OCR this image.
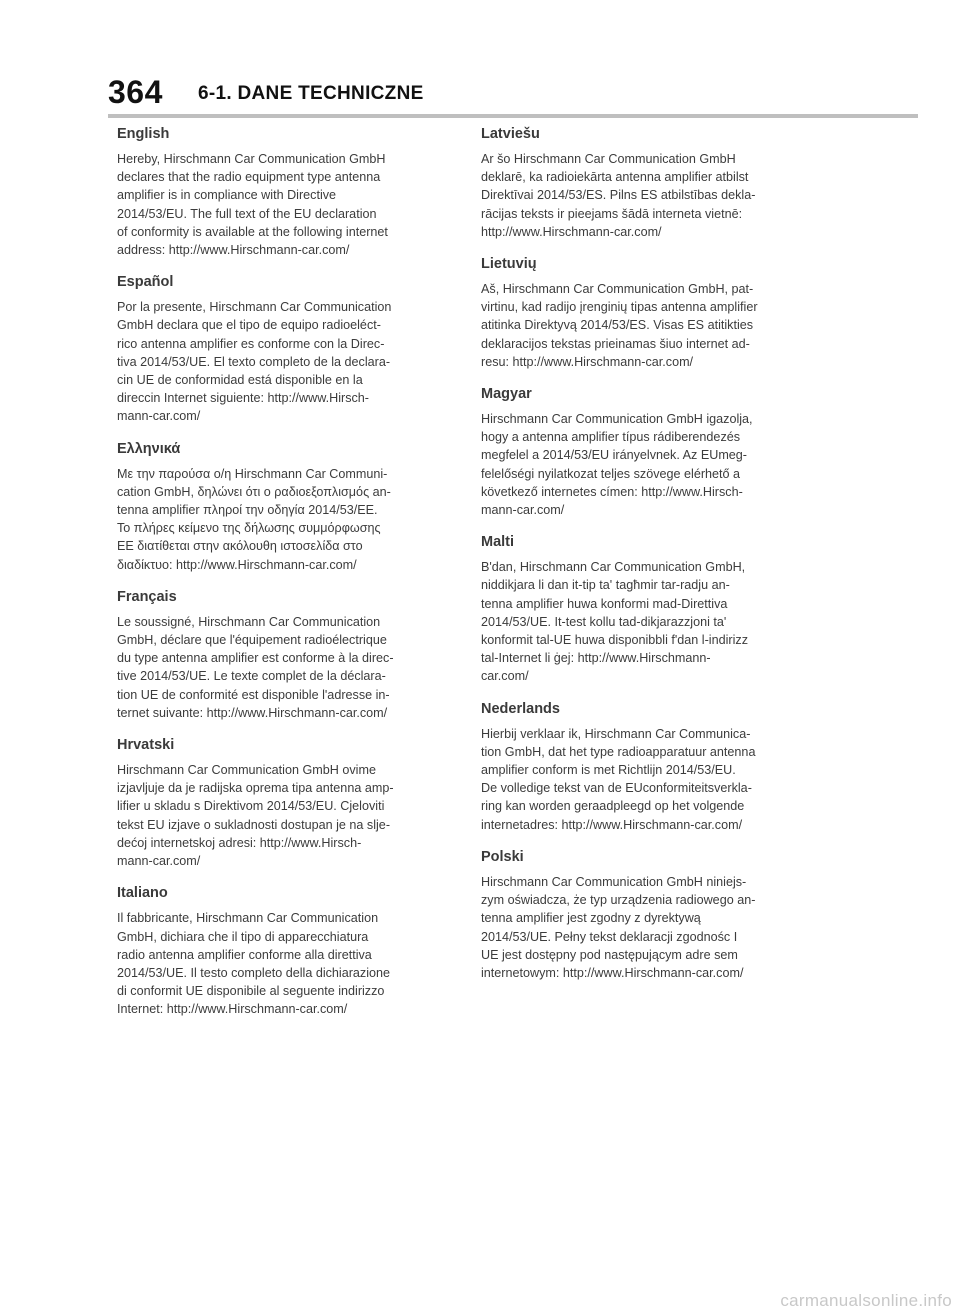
364 6-1. DANE TECHNICZNE
English

Hereby, Hirschmann Car Communication GmbH
declares that the radio equipment type antenna
amplifier is in compliance with Directive
2014/53/EU. The full text of the EU declaration
of conformity is available at the following internet
address: http://www.Hirschmann-car.com/

Español

Por la presente, Hirschmann Car Communication
GmbH declara que el tipo de equipo radioeléct-
rico antenna amplifier es conforme con la Direc-
tiva 2014/53/UE. El texto completo de la declara-
cin UE de conformidad está disponible en la
direccin Internet siguiente: http://www.Hirsch-
mann-car.com/

Ελληνικά

Με την παρούσα ο/η Hirschmann Car Communi-
cation GmbH, δηλώνει ότι ο ραδιοεξοπλισμός an-
tenna amplifier πληροί την οδηγία 2014/53/ΕΕ.
Το πλήρες κείμενο της δήλωσης συμμόρφωσης
ΕΕ διατίθεται στην ακόλουθη ιστοσελίδα στο
διαδίκτυο: http://www.Hirschmann-car.com/

Français

Le soussigné, Hirschmann Car Communication
GmbH, déclare que l'équipement radioélectrique
du type antenna amplifier est conforme à la direc-
tive 2014/53/UE. Le texte complet de la déclara-
tion UE de conformité est disponible l'adresse in-
ternet suivante: http://www.Hirschmann-car.com/

Hrvatski

Hirschmann Car Communication GmbH ovime
izjavljuje da je radijska oprema tipa antenna amp-
lifier u skladu s Direktivom 2014/53/EU. Cjeloviti
tekst EU izjave o sukladnosti dostupan je na slje-
dećoj internetskoj adresi: http://www.Hirsch-
mann-car.com/

Italiano

Il fabbricante, Hirschmann Car Communication
GmbH, dichiara che il tipo di apparecchiatura
radio antenna amplifier conforme alla direttiva
2014/53/UE. Il testo completo della dichiarazione
di conformit UE disponibile al seguente indirizzo
Internet: http://www.Hirschmann-car.com/

Latviešu

Ar šo Hirschmann Car Communication GmbH
deklarē, ka radioiekārta antenna amplifier atbilst
Direktīvai 2014/53/ES. Pilns ES atbilstības dekla-
rācijas teksts ir pieejams šādā interneta vietnē:
http://www.Hirschmann-car.com/

Lietuvių

Aš, Hirschmann Car Communication GmbH, pat-
virtinu, kad radijo įrenginių tipas antenna amplifier
atitinka Direktyvą 2014/53/ES. Visas ES atitikties
deklaracijos tekstas prieinamas šiuo internet ad-
resu: http://www.Hirschmann-car.com/

Magyar

Hirschmann Car Communication GmbH igazolja,
hogy a antenna amplifier típus rádiberendezés
megfelel a 2014/53/EU irányelvnek. Az EUmeg-
felelőségi nyilatkozat teljes szövege elérhető a
következő internetes címen: http://www.Hirsch-
mann-car.com/

Malti

B'dan, Hirschmann Car Communication GmbH,
niddikjara li dan it-tip ta' tagħmir tar-radju an-
tenna amplifier huwa konformi mad-Direttiva
2014/53/UE. It-test kollu tad-dikjarazzjoni ta'
konformit tal-UE huwa disponibbli f'dan l-indirizz
tal-Internet li ġej: http://www.Hirschmann-
car.com/

Nederlands

Hierbij verklaar ik, Hirschmann Car Communica-
tion GmbH, dat het type radioapparatuur antenna
amplifier conform is met Richtlijn 2014/53/EU.
De volledige tekst van de EUconformiteitsverkla-
ring kan worden geraadpleegd op het volgende
internetadres: http://www.Hirschmann-car.com/

Polski

Hirschmann Car Communication GmbH niniejs-
zym oświadcza, że typ urządzenia radiowego an-
tenna amplifier jest zgodny z dyrektywą
2014/53/UE. Pełny tekst deklaracji zgodnośc I
UE jest dostępny pod następującym adre sem
internetowym: http://www.Hirschmann-car.com/

carmanualsonline.info
